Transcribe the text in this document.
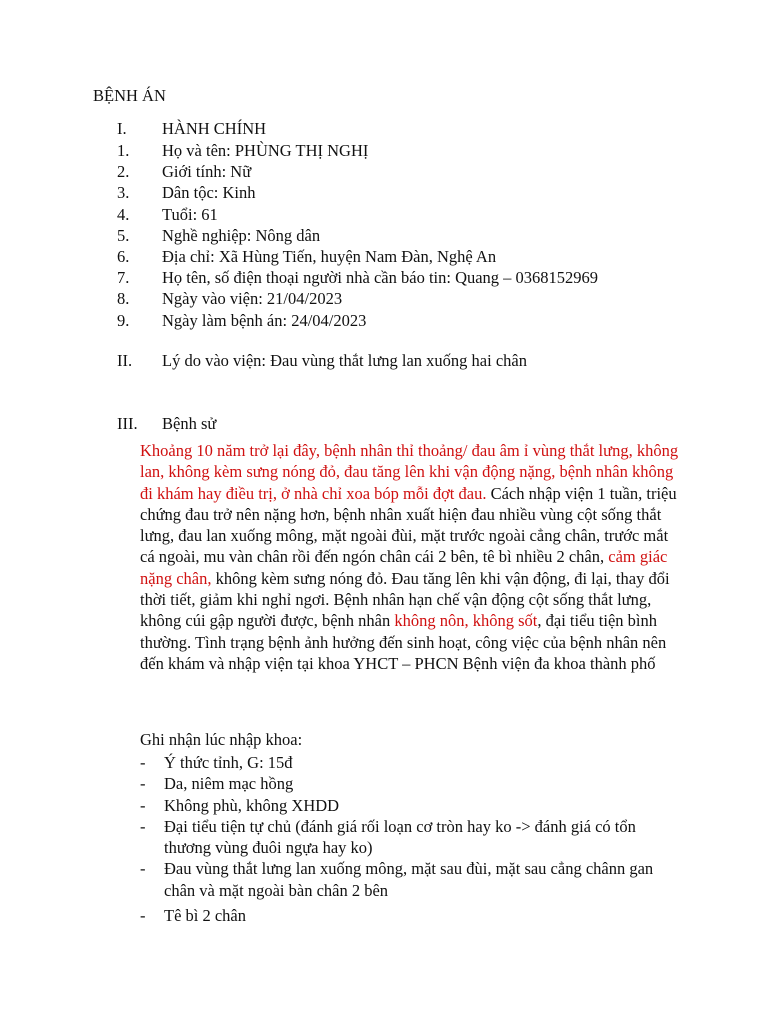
BỆNH ÁN
I. HÀNH CHÍNH
1. Họ và tên: PHÙNG THỊ NGHỊ
2. Giới tính: Nữ
3. Dân tộc: Kinh
4. Tuổi: 61
5. Nghề nghiệp: Nông dân
6. Địa chỉ: Xã Hùng Tiến, huyện Nam Đàn, Nghệ An
7. Họ tên, số điện thoại người nhà cần báo tin: Quang – 0368152969
8. Ngày vào viện: 21/04/2023
9. Ngày làm bệnh án: 24/04/2023
II. Lý do vào viện: Đau vùng thắt lưng lan xuống hai chân
III. Bệnh sử

Khoảng 10 năm trở lại đây, bệnh nhân thỉ thoảng/ đau âm ỉ vùng thắt lưng, không lan, không kèm sưng nóng đỏ, đau tăng lên khi vận động nặng, bệnh nhân không đi khám hay điều trị, ở nhà chỉ xoa bóp mỗi đợt đau. Cách nhập viện 1 tuần, triệu chứng đau trở nên nặng hơn, bệnh nhân xuất hiện đau nhiều vùng cột sống thắt lưng, đau lan xuống mông, mặt ngoài đùi, mặt trước ngoài cẳng chân, trước mắt cá ngoài, mu vàn chân rồi đến ngón chân cái 2 bên, tê bì nhiều 2 chân, cảm giác nặng chân, không kèm sưng nóng đỏ. Đau tăng lên khi vận động, đi lại, thay đổi thời tiết, giảm khi nghỉ ngơi. Bệnh nhân hạn chế vận động cột sống thắt lưng, không cúi gập người được, bệnh nhân không nôn, không sốt, đại tiểu tiện bình thường. Tình trạng bệnh ảnh hưởng đến sinh hoạt, công việc của bệnh nhân nên đến khám và nhập viện tại khoa YHCT – PHCN Bệnh viện đa khoa thành phố

Ghi nhận lúc nhập khoa:
- Ý thức tỉnh, G: 15đ
- Da, niêm mạc hồng
- Không phù, không XHDD
- Đại tiểu tiện tự chủ (đánh giá rối loạn cơ tròn hay ko -> đánh giá có tổn thương vùng đuôi ngựa hay ko)
- Đau vùng thắt lưng lan xuống mông, mặt sau đùi, mặt sau cẳng chânn gan chân và mặt ngoài bàn chân 2 bên
- Tê bì 2 chân
